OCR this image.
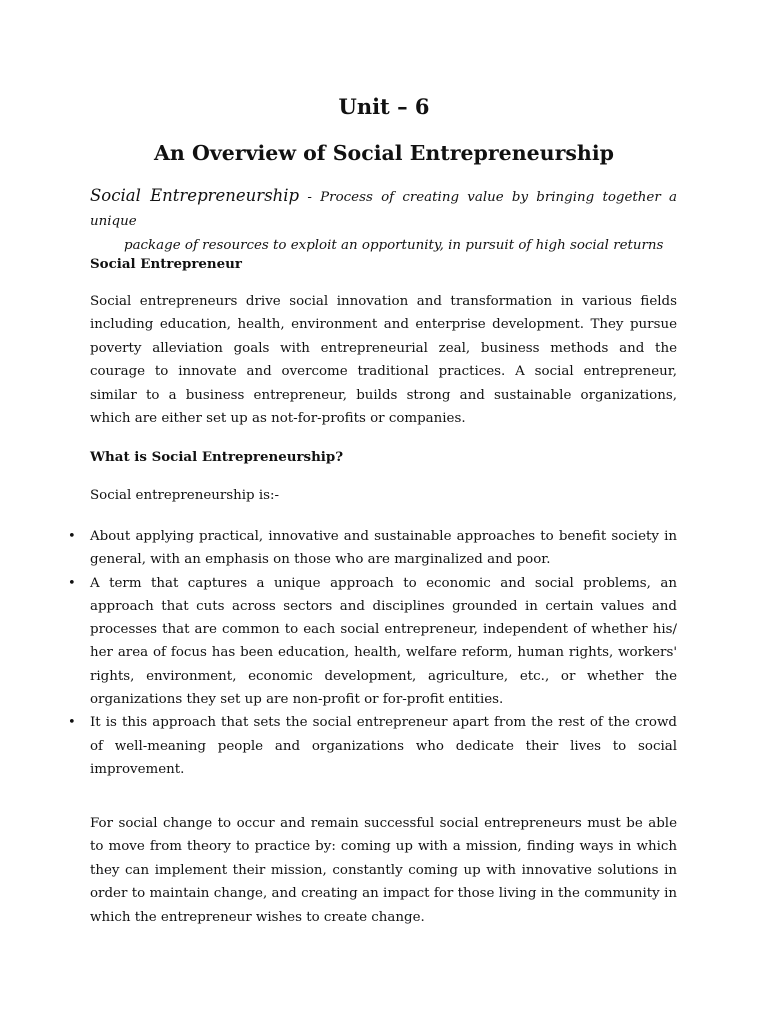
Unit – 6
An Overview of Social Entrepreneurship

Social Entrepreneurship - Process of creating value by bringing together a unique
package of resources to exploit an opportunity, in pursuit of high social returns

Social Entrepreneur

Social entrepreneurs drive social innovation and transformation in various fields including education, health, environment and enterprise development. They pursue poverty alleviation goals with entrepreneurial zeal, business methods and the courage to innovate and overcome traditional practices. A social entrepreneur, similar to a business entrepreneur, builds strong and sustainable organizations, which are either set up as not-for-profits or companies.

What is Social Entrepreneurship?

Social entrepreneurship is:-

• About applying practical, innovative and sustainable approaches to benefit society in general, with an emphasis on those who are marginalized and poor.
• A term that captures a unique approach to economic and social problems, an approach that cuts across sectors and disciplines grounded in certain values and processes that are common to each social entrepreneur, independent of whether his/ her area of focus has been education, health, welfare reform, human rights, workers' rights, environment, economic development, agriculture, etc., or whether the organizations they set up are non-profit or for-profit entities.
• It is this approach that sets the social entrepreneur apart from the rest of the crowd of well-meaning people and organizations who dedicate their lives to social improvement.

For social change to occur and remain successful social entrepreneurs must be able to move from theory to practice by: coming up with a mission, finding ways in which they can implement their mission, constantly coming up with innovative solutions in order to maintain change, and creating an impact for those living in the community in which the entrepreneur wishes to create change.
